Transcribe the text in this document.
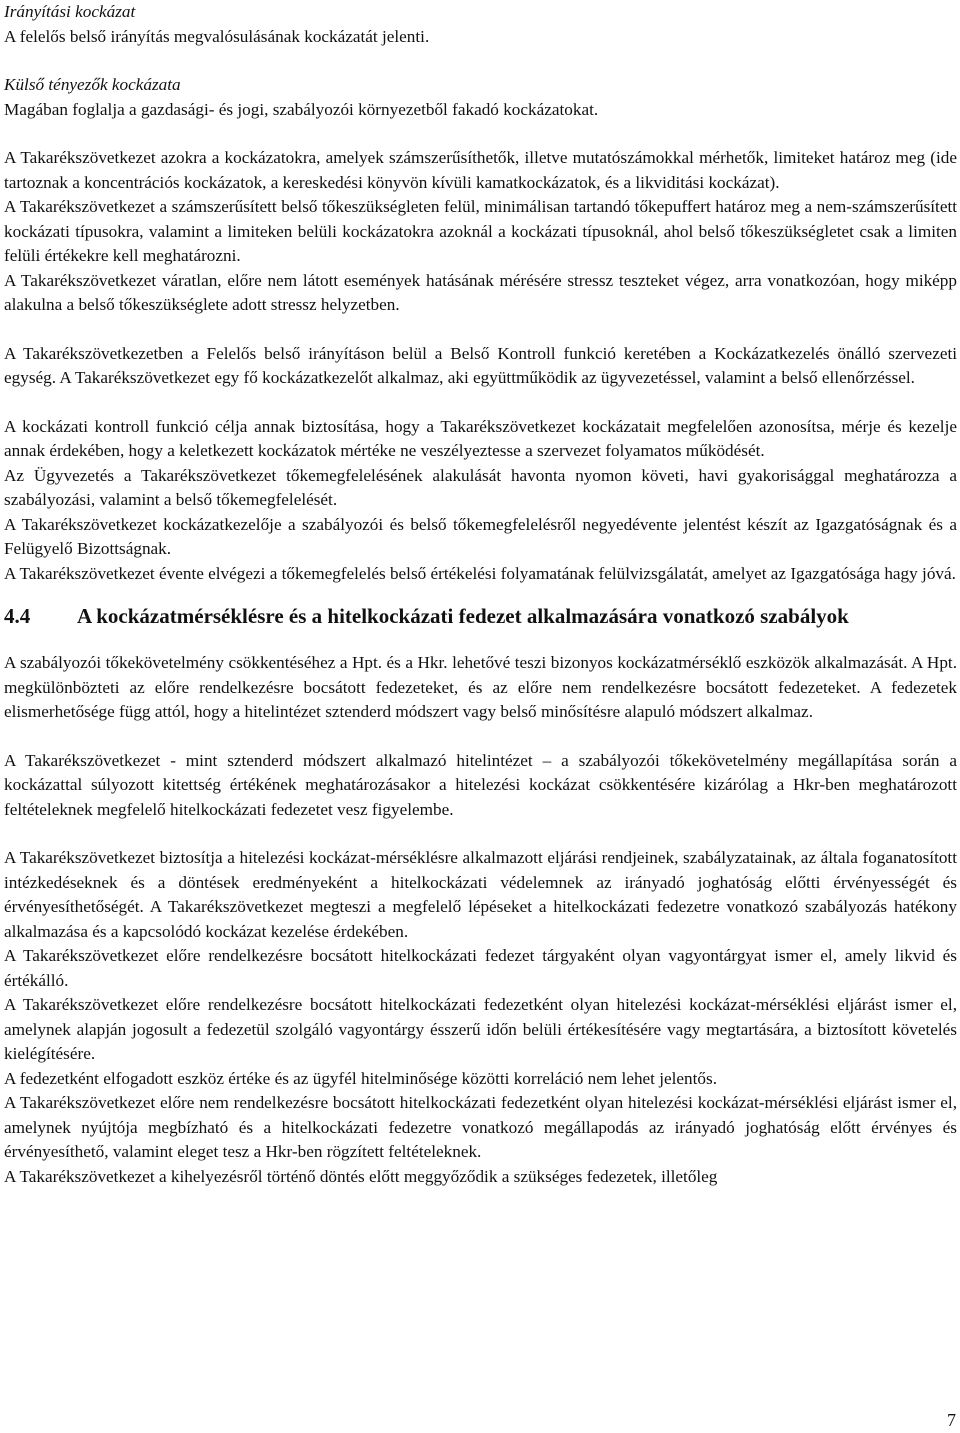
Irányítási kockázat

A felelős belső irányítás megvalósulásának kockázatát jelenti.

Külső tényezők kockázata

Magában foglalja a gazdasági- és jogi, szabályozói környezetből fakadó kockázatokat.

A Takarékszövetkezet azokra a kockázatokra, amelyek számszerűsíthetők, illetve mutatószámokkal mérhetők, limiteket határoz meg (ide tartoznak a koncentrációs kockázatok, a kereskedési könyvön kívüli kamatkockázatok, és a likviditási kockázat).

A Takarékszövetkezet a számszerűsített belső tőkeszükségleten felül, minimálisan tartandó tőkepuffert határoz meg a nem-számszerűsített kockázati típusokra, valamint a limiteken belüli kockázatokra azoknál a kockázati típusoknál, ahol belső tőkeszükségletet csak a limiten felüli értékekre kell meghatározni.

A Takarékszövetkezet váratlan, előre nem látott események hatásának mérésére stressz teszteket végez, arra vonatkozóan, hogy miképp alakulna a belső tőkeszükséglete adott stressz helyzetben.

A Takarékszövetkezetben a Felelős belső irányításon belül a Belső Kontroll funkció keretében a Kockázatkezelés önálló szervezeti egység. A Takarékszövetkezet egy fő kockázatkezelőt alkalmaz, aki együttműködik az ügyvezetéssel, valamint a belső ellenőrzéssel.

A kockázati kontroll funkció célja annak biztosítása, hogy a Takarékszövetkezet kockázatait megfelelően azonosítsa, mérje és kezelje annak érdekében, hogy a keletkezett kockázatok mértéke ne veszélyeztesse a szervezet folyamatos működését.

Az Ügyvezetés a Takarékszövetkezet tőkemegfelelésének alakulását havonta nyomon követi, havi gyakorisággal meghatározza a szabályozási, valamint a belső tőkemegfelelését.

A Takarékszövetkezet kockázatkezelője a szabályozói és belső tőkemegfelelésről negyedévente jelentést készít az Igazgatóságnak és a Felügyelő Bizottságnak.

A Takarékszövetkezet évente elvégezi a tőkemegfelelés belső értékelési folyamatának felülvizsgálatát, amelyet az Igazgatósága hagy jóvá.

4.4	A kockázatmérséklésre és a hitelkockázati fedezet alkalmazására vonatkozó szabályok

A szabályozói tőkekövetelmény csökkentéséhez a Hpt. és a Hkr. lehetővé teszi bizonyos kockázatmérséklő eszközök alkalmazását. A Hpt. megkülönbözteti az előre rendelkezésre bocsátott fedezeteket, és az előre nem rendelkezésre bocsátott fedezeteket. A fedezetek elismerhetősége függ attól, hogy a hitelintézet sztenderd módszert vagy belső minősítésre alapuló módszert alkalmaz.

A Takarékszövetkezet - mint sztenderd módszert alkalmazó hitelintézet – a szabályozói tőkekövetelmény megállapítása során a kockázattal súlyozott kitettség értékének meghatározásakor a hitelezési kockázat csökkentésére kizárólag a Hkr-ben meghatározott feltételeknek megfelelő hitelkockázati fedezetet vesz figyelembe.

A Takarékszövetkezet biztosítja a hitelezési kockázat-mérséklésre alkalmazott eljárási rendjeinek, szabályzatainak, az általa foganatosított intézkedéseknek és a döntések eredményeként a hitelkockázati védelemnek az irányadó joghatóság előtti érvényességét és érvényesíthetőségét. A Takarékszövetkezet megteszi a megfelelő lépéseket a hitelkockázati fedezetre vonatkozó szabályozás hatékony alkalmazása és a kapcsolódó kockázat kezelése érdekében.

A Takarékszövetkezet előre rendelkezésre bocsátott hitelkockázati fedezet tárgyaként olyan vagyontárgyat ismer el, amely likvid és értékálló.

A Takarékszövetkezet előre rendelkezésre bocsátott hitelkockázati fedezetként olyan hitelezési kockázat-mérséklési eljárást ismer el, amelynek alapján jogosult a fedezetül szolgáló vagyontárgy ésszerű időn belüli értékesítésére vagy megtartására, a biztosított követelés kielégítésére.

A fedezetként elfogadott eszköz értéke és az ügyfél hitelminősége közötti korreláció nem lehet jelentős.

A Takarékszövetkezet előre nem rendelkezésre bocsátott hitelkockázati fedezetként olyan hitelezési kockázat-mérséklési eljárást ismer el, amelynek nyújtója megbízható és a hitelkockázati fedezetre vonatkozó megállapodás az irányadó joghatóság előtt érvényes és érvényesíthető, valamint eleget tesz a Hkr-ben rögzített feltételeknek.

A Takarékszövetkezet a kihelyezésről történő döntés előtt meggyőződik a szükséges fedezetek, illetőleg

7
